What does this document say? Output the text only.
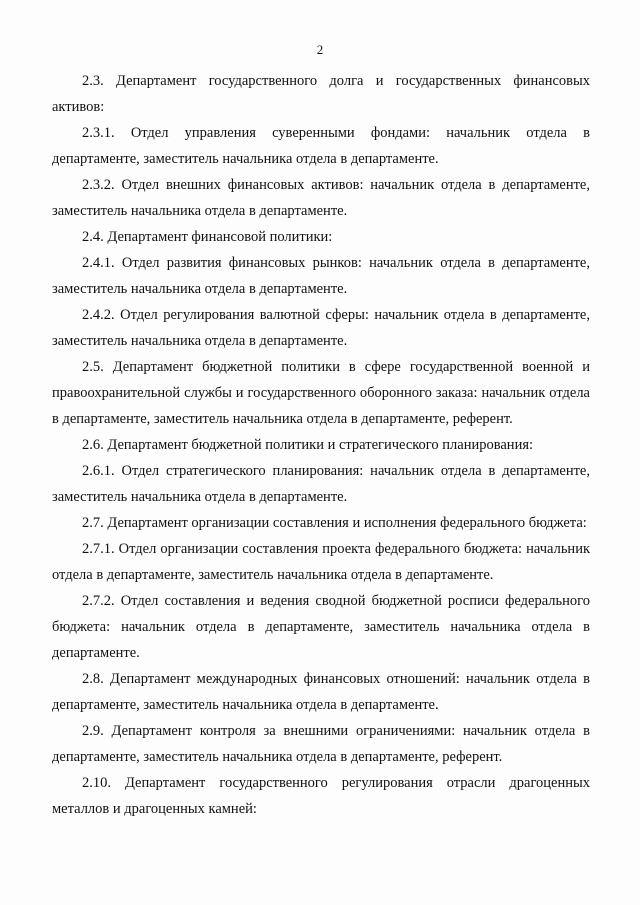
2

2.3. Департамент государственного долга и государственных финансовых активов:

2.3.1. Отдел управления суверенными фондами: начальник отдела в департаменте, заместитель начальника отдела в департаменте.

2.3.2. Отдел внешних финансовых активов: начальник отдела в департаменте, заместитель начальника отдела в департаменте.

2.4. Департамент финансовой политики:

2.4.1. Отдел развития финансовых рынков: начальник отдела в департаменте, заместитель начальника отдела в департаменте.

2.4.2. Отдел регулирования валютной сферы: начальник отдела в департаменте, заместитель начальника отдела в департаменте.

2.5. Департамент бюджетной политики в сфере государственной военной и правоохранительной службы и государственного оборонного заказа: начальник отдела в департаменте, заместитель начальника отдела в департаменте, референт.

2.6. Департамент бюджетной политики и стратегического планирования:

2.6.1. Отдел стратегического планирования: начальник отдела в департаменте, заместитель начальника отдела в департаменте.

2.7. Департамент организации составления и исполнения федерального бюджета:

2.7.1. Отдел организации составления проекта федерального бюджета: начальник отдела в департаменте, заместитель начальника отдела в департаменте.

2.7.2. Отдел составления и ведения сводной бюджетной росписи федерального бюджета: начальник отдела в департаменте, заместитель начальника отдела в департаменте.

2.8. Департамент международных финансовых отношений: начальник отдела в департаменте, заместитель начальника отдела в департаменте.

2.9. Департамент контроля за внешними ограничениями: начальник отдела в департаменте, заместитель начальника отдела в департаменте, референт.

2.10. Департамент государственного регулирования отрасли драгоценных металлов и драгоценных камней:
